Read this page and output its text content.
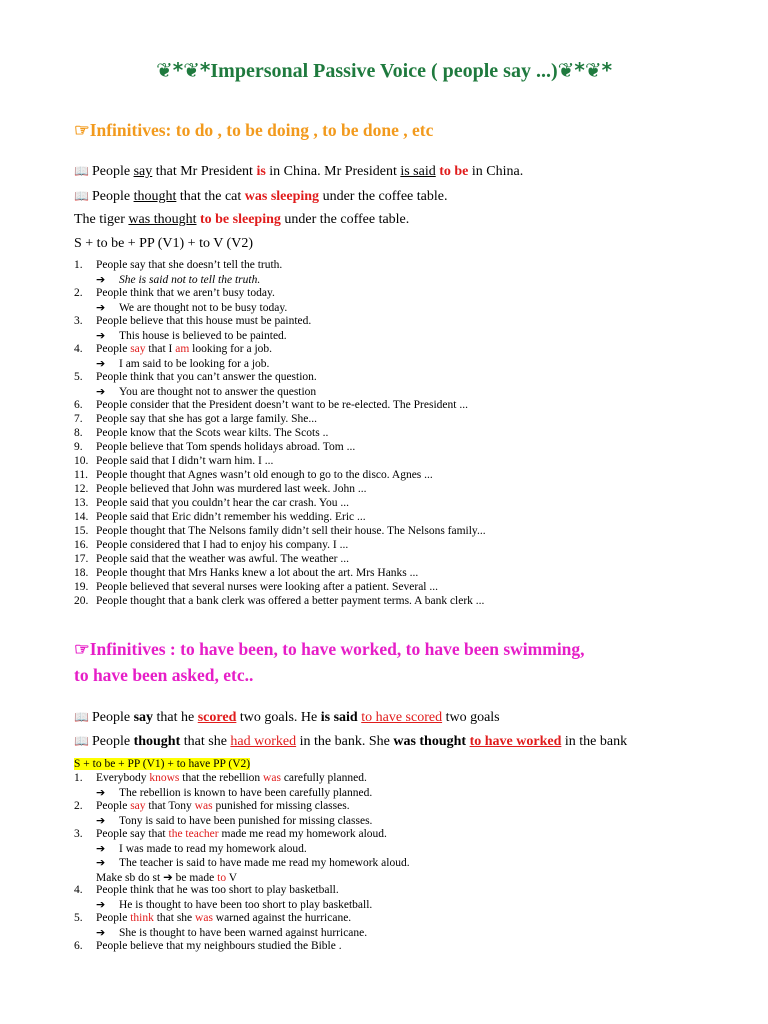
❦*❦*Impersonal Passive Voice ( people say ...)❦*❦*
☞Infinitives: to do , to be doing , to be done , etc
📖 People say that Mr President is in China. Mr President is said to be in China.
📖 People thought that the cat was sleeping under the coffee table.
The tiger was thought to be sleeping under the coffee table.
S + to be + PP (V1) + to V (V2)
1. People say that she doesn’t tell the truth.
➔ She is said not to tell the truth.
2. People think that we aren’t busy today.
➔ We are thought not to be busy today.
3. People believe that this house must be painted.
➔ This house is believed to be painted.
4. People say that I am looking for a job.
➔ I am said to be looking for a job.
5. People think that you can’t answer the question.
➔ You are thought not to answer the question
6. People consider that the President doesn’t want to be re-elected. The President ...
7. People say that she has got a large family. She...
8. People know that the Scots wear kilts. The Scots ..
9. People believe that Tom spends holidays abroad. Tom ...
10. People said that I didn’t warn him. I ...
11. People thought that Agnes wasn’t old enough to go to the disco. Agnes ...
12. People believed that John was murdered last week. John ...
13. People said that you couldn’t hear the car crash. You ...
14. People said that Eric didn’t remember his wedding. Eric ...
15. People thought that The Nelsons family didn’t sell their house. The Nelsons family...
16. People considered that I had to enjoy his company. I ...
17. People said that the weather was awful. The weather ...
18. People thought that Mrs Hanks knew a lot about the art. Mrs Hanks ...
19. People believed that several nurses were looking after a patient. Several ...
20. People thought that a bank clerk was offered a better payment terms. A bank clerk ...
☞Infinitives : to have been, to have worked, to have been swimming,
to have been asked, etc..
📖 People say that he scored two goals. He is said to have scored two goals
📖 People thought that she had worked in the bank. She was thought to have worked in the bank
S + to be + PP (V1) + to have PP (V2)
1. Everybody knows that the rebellion was carefully planned.
➔ The rebellion is known to have been carefully planned.
2. People say that Tony was punished for missing classes.
➔ Tony is said to have been punished for missing classes.
3. People say that the teacher made me read my homework aloud.
➔ I was made to read my homework aloud.
➔ The teacher is said to have made me read my homework aloud.
Make sb do st ➔ be made to V
4. People think that he was too short to play basketball.
➔ He is thought to have been too short to play basketball.
5. People think that she was warned against the hurricane.
➔ She is thought to have been warned against hurricane.
6. People believe that my neighbours studied the Bible .
